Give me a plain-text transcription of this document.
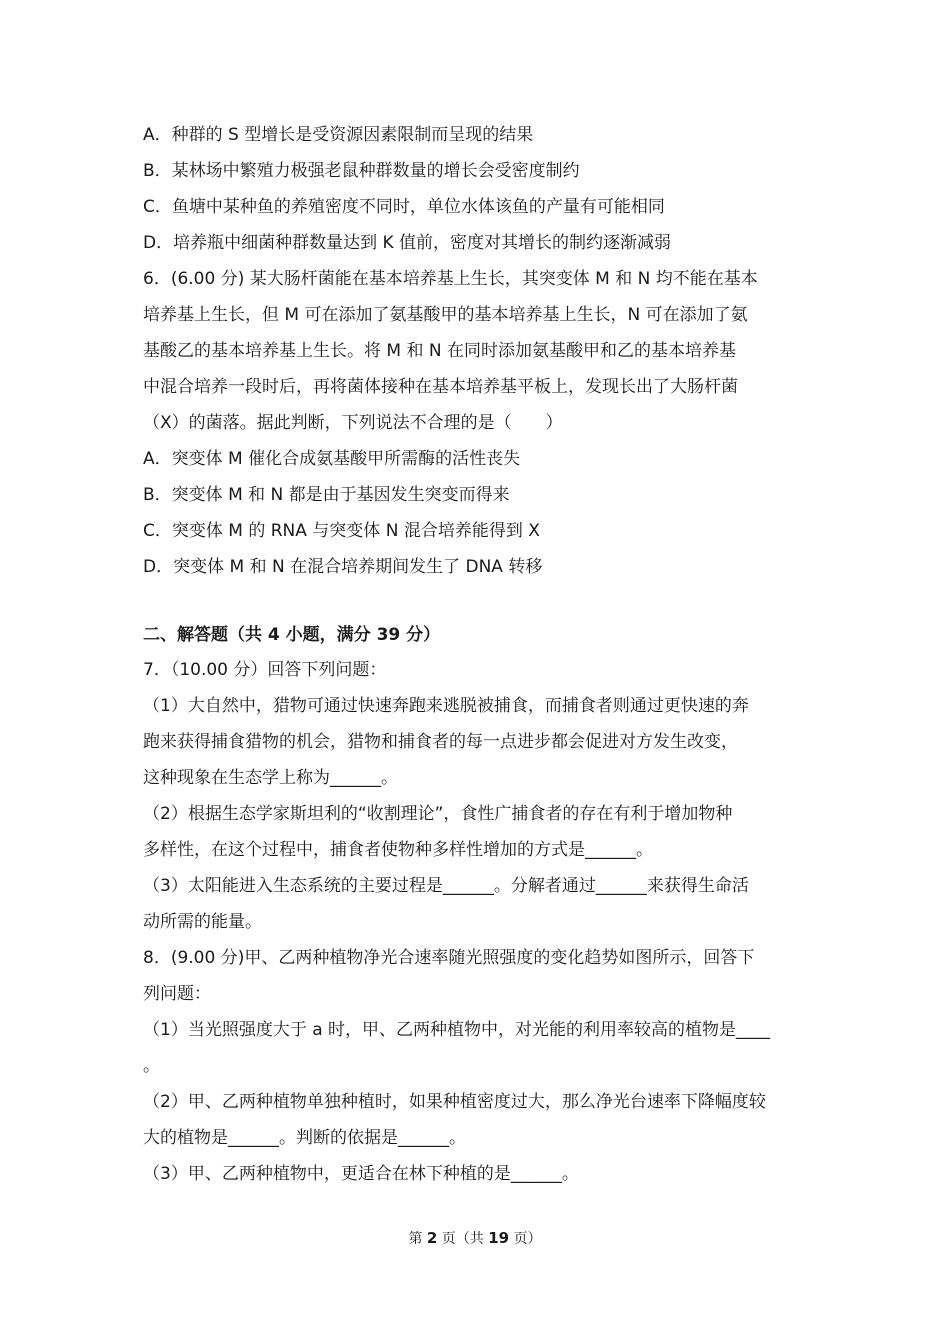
A．种群的 S 型增长是受资源因素限制而呈现的结果
B．某林场中繁殖力极强老鼠种群数量的增长会受密度制约
C．鱼塘中某种鱼的养殖密度不同时，单位水体该鱼的产量有可能相同
D．培养瓶中细菌种群数量达到 K 值前，密度对其增长的制约逐渐减弱
6．(6.00 分) 某大肠杆菌能在基本培养基上生长，其突变体 M 和 N 均不能在基本
培养基上生长，但 M 可在添加了氨基酸甲的基本培养基上生长，N 可在添加了氨
基酸乙的基本培养基上生长。将 M 和 N 在同时添加氨基酸甲和乙的基本培养基
中混合培养一段时后，再将菌体接种在基本培养基平板上，发现长出了大肠杆菌
（X）的菌落。据此判断，下列说法不合理的是（　　）
A．突变体 M 催化合成氨基酸甲所需酶的活性丧失
B．突变体 M 和 N 都是由于基因发生突变而得来
C．突变体 M 的 RNA 与突变体 N 混合培养能得到 X
D．突变体 M 和 N 在混合培养期间发生了 DNA 转移
二、解答题（共 4 小题，满分 39 分）
7．（10.00 分）回答下列问题：
（1）大自然中，猎物可通过快速奔跑来逃脱被捕食，而捕食者则通过更快速的奔
跑来获得捕食猎物的机会，猎物和捕食者的每一点进步都会促进对方发生改变，
这种现象在生态学上称为______。
（2）根据生态学家斯坦利的“收割理论”，食性广捕食者的存在有利于增加物种
多样性，在这个过程中，捕食者使物种多样性增加的方式是______。
（3）太阳能进入生态系统的主要过程是______。分解者通过______来获得生命活
动所需的能量。
8．(9.00 分)甲、乙两种植物净光合速率随光照强度的变化趋势如图所示，回答下
列问题：
（1）当光照强度大于 a 时，甲、乙两种植物中，对光能的利用率较高的植物是____
。
（2）甲、乙两种植物单独种植时，如果种植密度过大，那么净光台速率下降幅度较
大的植物是______。判断的依据是______。
（3）甲、乙两种植物中，更适合在林下种植的是______。
第 2 页（共 19 页）
